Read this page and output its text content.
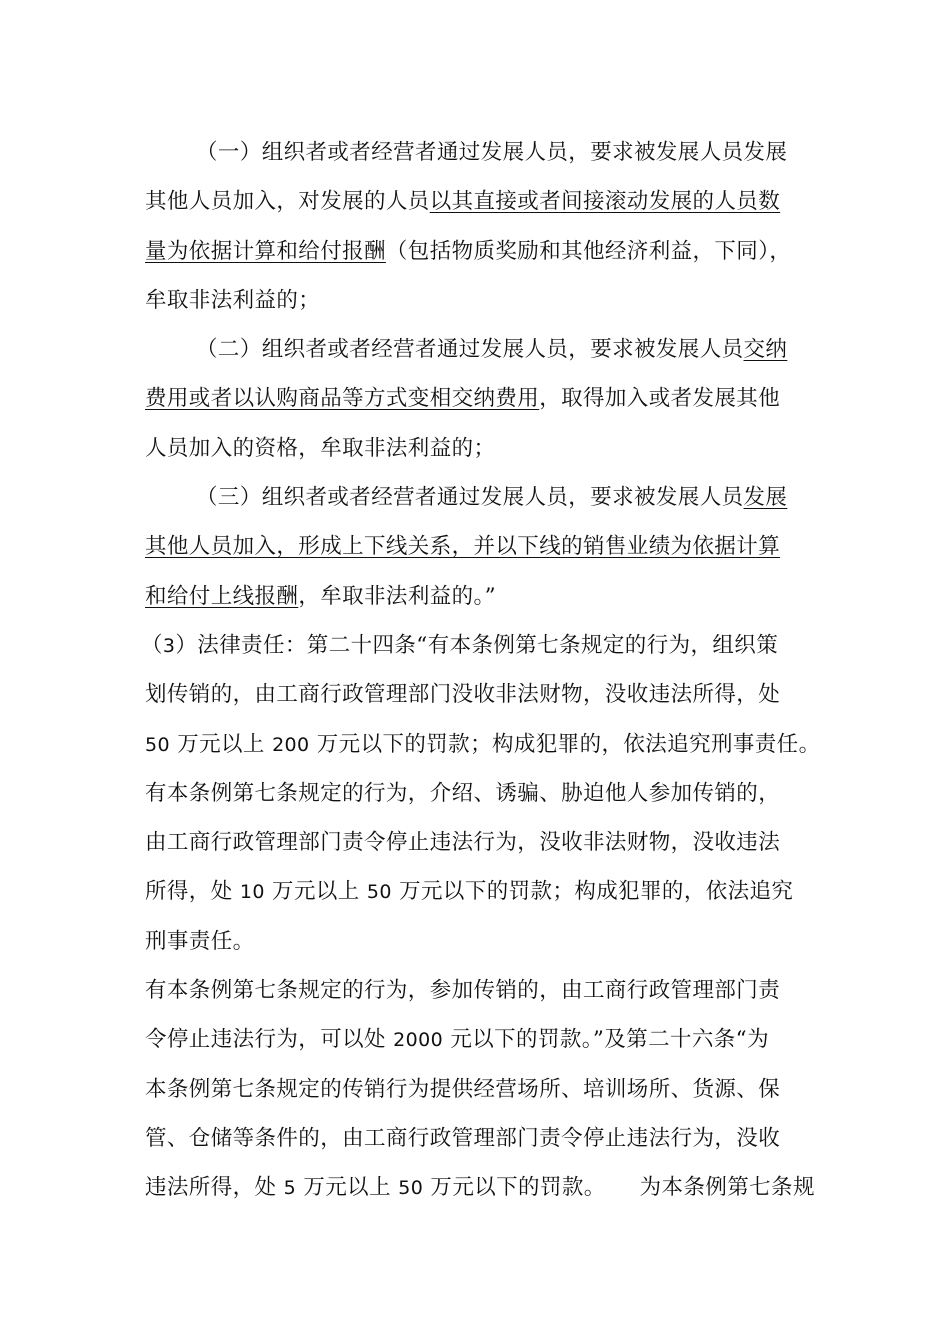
（一）组织者或者经营者通过发展人员，要求被发展人员发展
其他人员加入，对发展的人员以其直接或者间接滚动发展的人员数
量为依据计算和给付报酬（包括物质奖励和其他经济利益，下同），
牟取非法利益的；
（二）组织者或者经营者通过发展人员，要求被发展人员交纳
费用或者以认购商品等方式变相交纳费用，取得加入或者发展其他
人员加入的资格，牟取非法利益的；
（三）组织者或者经营者通过发展人员，要求被发展人员发展
其他人员加入，形成上下线关系，并以下线的销售业绩为依据计算
和给付上线报酬，牟取非法利益的。”
（3）法律责任：第二十四条“有本条例第七条规定的行为，组织策
划传销的，由工商行政管理部门没收非法财物，没收违法所得，处
50 万元以上 200 万元以下的罚款；构成犯罪的，依法追究刑事责任。
有本条例第七条规定的行为，介绍、诱骗、胁迫他人参加传销的，
由工商行政管理部门责令停止违法行为，没收非法财物，没收违法
所得，处 10 万元以上 50 万元以下的罚款；构成犯罪的，依法追究
刑事责任。
有本条例第七条规定的行为，参加传销的，由工商行政管理部门责
令停止违法行为，可以处 2000 元以下的罚款。”及第二十六条“为
本条例第七条规定的传销行为提供经营场所、培训场所、货源、保
管、仓储等条件的，由工商行政管理部门责令停止违法行为，没收
违法所得，处 5 万元以上 50 万元以下的罚款。 为本条例第七条规
